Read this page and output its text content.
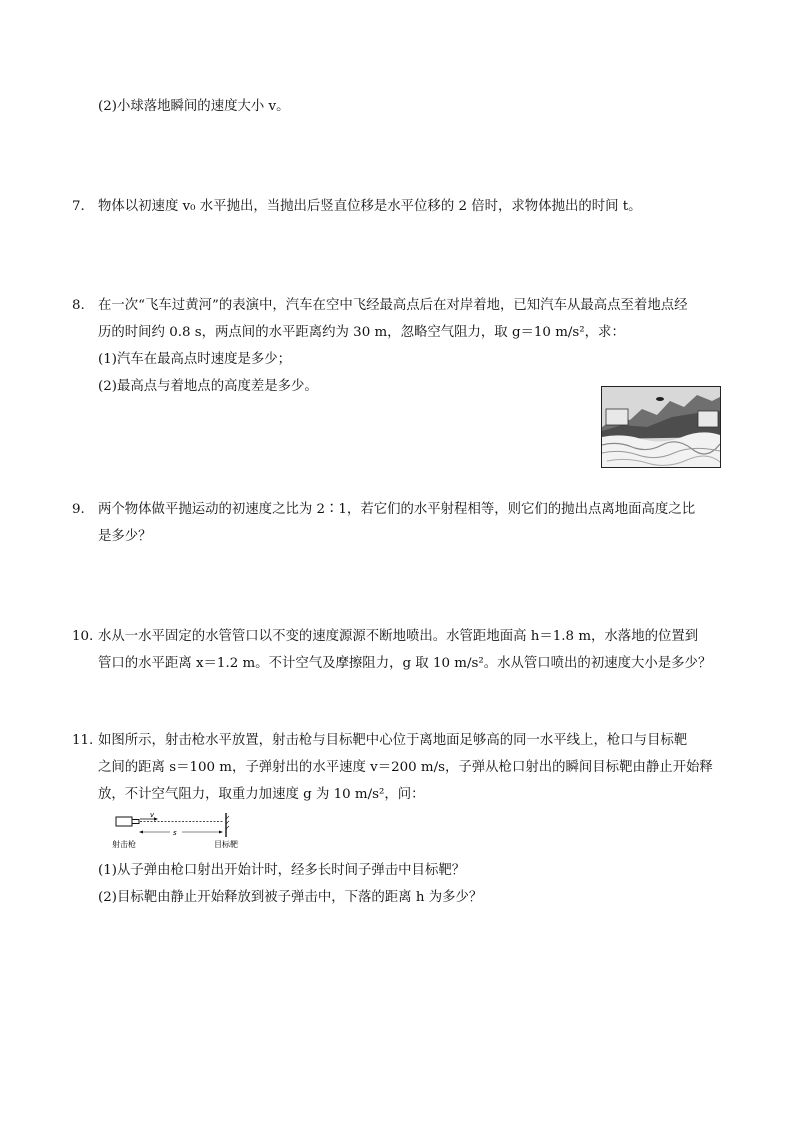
(2)小球落地瞬间的速度大小 v。
7. 物体以初速度 v₀ 水平抛出，当抛出后竖直位移是水平位移的 2 倍时，求物体抛出的时间 t。
8. 在一次“飞车过黄河”的表演中，汽车在空中飞经最高点后在对岸着地，已知汽车从最高点至着地点经
历的时间约 0.8 s，两点间的水平距离约为 30 m，忽略空气阻力，取 g＝10 m/s²，求：
(1)汽车在最高点时速度是多少；
(2)最高点与着地点的高度差是多少。
9. 两个物体做平抛运动的初速度之比为 2∶1，若它们的水平射程相等，则它们的抛出点离地面高度之比
是多少？
10. 水从一水平固定的水管管口以不变的速度源源不断地喷出。水管距地面高 h＝1.8 m，水落地的位置到
管口的水平距离 x＝1.2 m。不计空气及摩擦阻力，g 取 10 m/s²。水从管口喷出的初速度大小是多少？
11. 如图所示，射击枪水平放置，射击枪与目标靶中心位于离地面足够高的同一水平线上，枪口与目标靶
之间的距离 s＝100 m，子弹射出的水平速度 v＝200 m/s，子弹从枪口射出的瞬间目标靶由静止开始释
放，不计空气阻力，取重力加速度 g 为 10 m/s²，问：
v
s
射击枪	目标靶
(1)从子弹由枪口射出开始计时，经多长时间子弹击中目标靶？
(2)目标靶由静止开始释放到被子弹击中，下落的距离 h 为多少？
